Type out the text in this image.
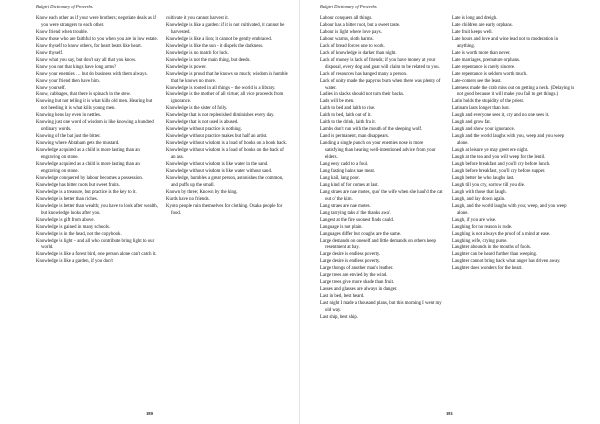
Bulgiri Dictionary of Proverbs

Know each other as if your were brothers; negotiate deals as if you were strangers to each other.

Know friend when trouble.

Know those who are faithful to you when you are in low estate.

Know thyself to know others, for heart beats like heart.

Know thyself.

Know what you say, but don't say all that you know.

Know you not that kings have long arms?

Know your enemies … but do business with them always.

Know your friend then have him.

Know yourself.

Know, cabbages, that there is spinach in the stew.

Knowing but not telling it is what kills old men. Hearing but not heeding it is what kills young men.

Knowing hens lay even in nettles.

Knowing just one word of wisdom is like knowing a hundred ordinary words.

Knowing of the bat just the bitter.

Knowing where Abraham gets the mustard.

Knowledge acquired as a child is more lasting than an engraving on stone.

Knowledge acquired as a child is more lasting than an engraving on stone.

Knowledge conquered by labour becomes a possession.

Knowledge has bitter roots but sweet fruits.

Knowledge is a treasure, but practice is the key to it.

Knowledge is better than riches.

Knowledge is better than wealth; you have to look after wealth, but knowledge looks after you.

Knowledge is gift from above.

Knowledge is gained in many schools.

Knowledge is in the head, not the copybook.

Knowledge is light – and all who contribute bring light to our world.

Knowledge is like a forest bird, one person alone can't catch it.

Knowledge is like a garden, if you don't

cultivate it you cannot harvest it.

Knowledge is like a garden: if it is not cultivated, it cannot be harvested.

Knowledge is like a lion; it cannot be gently embraced.

Knowledge is like the sun - it dispels the darkness.

Knowledge is no match for luck.

Knowledge is not the main thing, but deeds.

Knowledge is power.

Knowledge is proud that he knows so much; wisdom is humble that he knows no more.

Knowledge is rooted in all things – the world is a library.

Knowledge is the mother of all virtue; all vice proceeds from ignorance.

Knowledge is the sister of folly.

Knowledge that is not replenished diminishes every day.

Knowledge that is not used is abused.

Knowledge without practice is nothing.

Knowledge without practice makes but half an artist.

Knowledge without wisdom is a load of books on a book back.

Knowledge without wisdom is a load of books on the back of an ass.

Knowledge without wisdom is like water in the sand.

Knowledge without wisdom is like water without sand.

Knowledge, humbles a great person, astonishes the common, and puffs up the small.

Known by three; Known by the king.

Kurds have no friends.

Kyoto people ruin themselves for clothing. Osaka people for food.

180
Bulgiri Dictionary of Proverbs

Labour conquers all things.

Labour has a bitter root, but a sweet taste.

Labour is light where love pays.

Labour warms, sloth harms.

Lack of bread forces one to work.

Lack of knowledge is darker than night.

Lack of money is lack of friends; if you have money at your disposal, every dog and goat will claim to be related to you.

Lack of resources has hanged many a person.

Lack of unity made the papyrus burn when there was plenty of water.

Ladies in slacks should not turn their backs.

Lads will be men.

Laith to bed and laith to rise.

Laith to bed, laith out of it.

Laith to the drink, laith fra it.

Lambs don't run with the mouth of the sleeping wolf.

Land is permanent, man disappears.

Landing a single punch on your enemies nose is more satisfying than hearing well-intentioned advice from your elders.

Lang eesy cadd to a foul.

Lang fasting hains nae meat.

Lang kail, lang poor.

Lang kind of for comes at last.

Lang straes are nae motes, quo' the wife when she haul'd the cat out o' the kirn.

Lang straes are nae motes.

Lang tarrying taks a' the thanks awa'.

Langest at the fire soonest finds cauld.

Language is not plain.

Languages differ but coughs are the same.

Large demands on oneself and little demands on others keep resentment at bay.

Large desire is endless poverty.

Large desire is endless poverty.

Large thongs of another man's leather.

Large trees are envied by the wind.

Large trees give more shade than fruit.

Lasses and glasses are always in danger.

Last in bed, best heard.

Last night I made a thousand plans, but this morning I went my old way.

Last ship, best ship.

Late is long and dreigh.

Late children are early orphans.

Late fruit keeps well.

Late hours and love and wine lead not to moderation in anything.

Late is worth more than never.

Late marriages, premature orphans.

Late repentance is rarely sincere.

Late repentance is seldom worth much.

Late-comers see the least.

Lateness made the crab miss out on getting a neck. (Delaying is not good because it will make you fail to get things.)

Latin holds the stupidity of the priest.

Latinam lasts longer than lust.

Laugh and everyone sees it, cry and no one sees it.

Laugh and grow fat.

Laugh and show your ignorance.

Laugh and the world laughs with you, weep and you weep alone.

Laugh at leisure ye may greet ere night.

Laugh at the tea and you will weep for the lentil.

Laugh before breakfast and you'll cry before lunch.

Laugh before breakfast, you'll cry before supper.

Laugh better he who laughs last.

Laugh till you cry, sorrow till you die.

Laugh with those that laugh.

Laugh, and lay down again.

Laugh, and the world laughs with you; weep, and you weep alone.

Laugh, if you are wise.

Laughing for no reason is rude.

Laughing is not always the proof of a mind at ease.

Laughing wife, crying purse.

Laughter abounds in the mouths of fools.

Laughter can be heard further than weeping.

Laughter cannot bring back what anger has driven away.

Laughter does wonders for the heart.

181
